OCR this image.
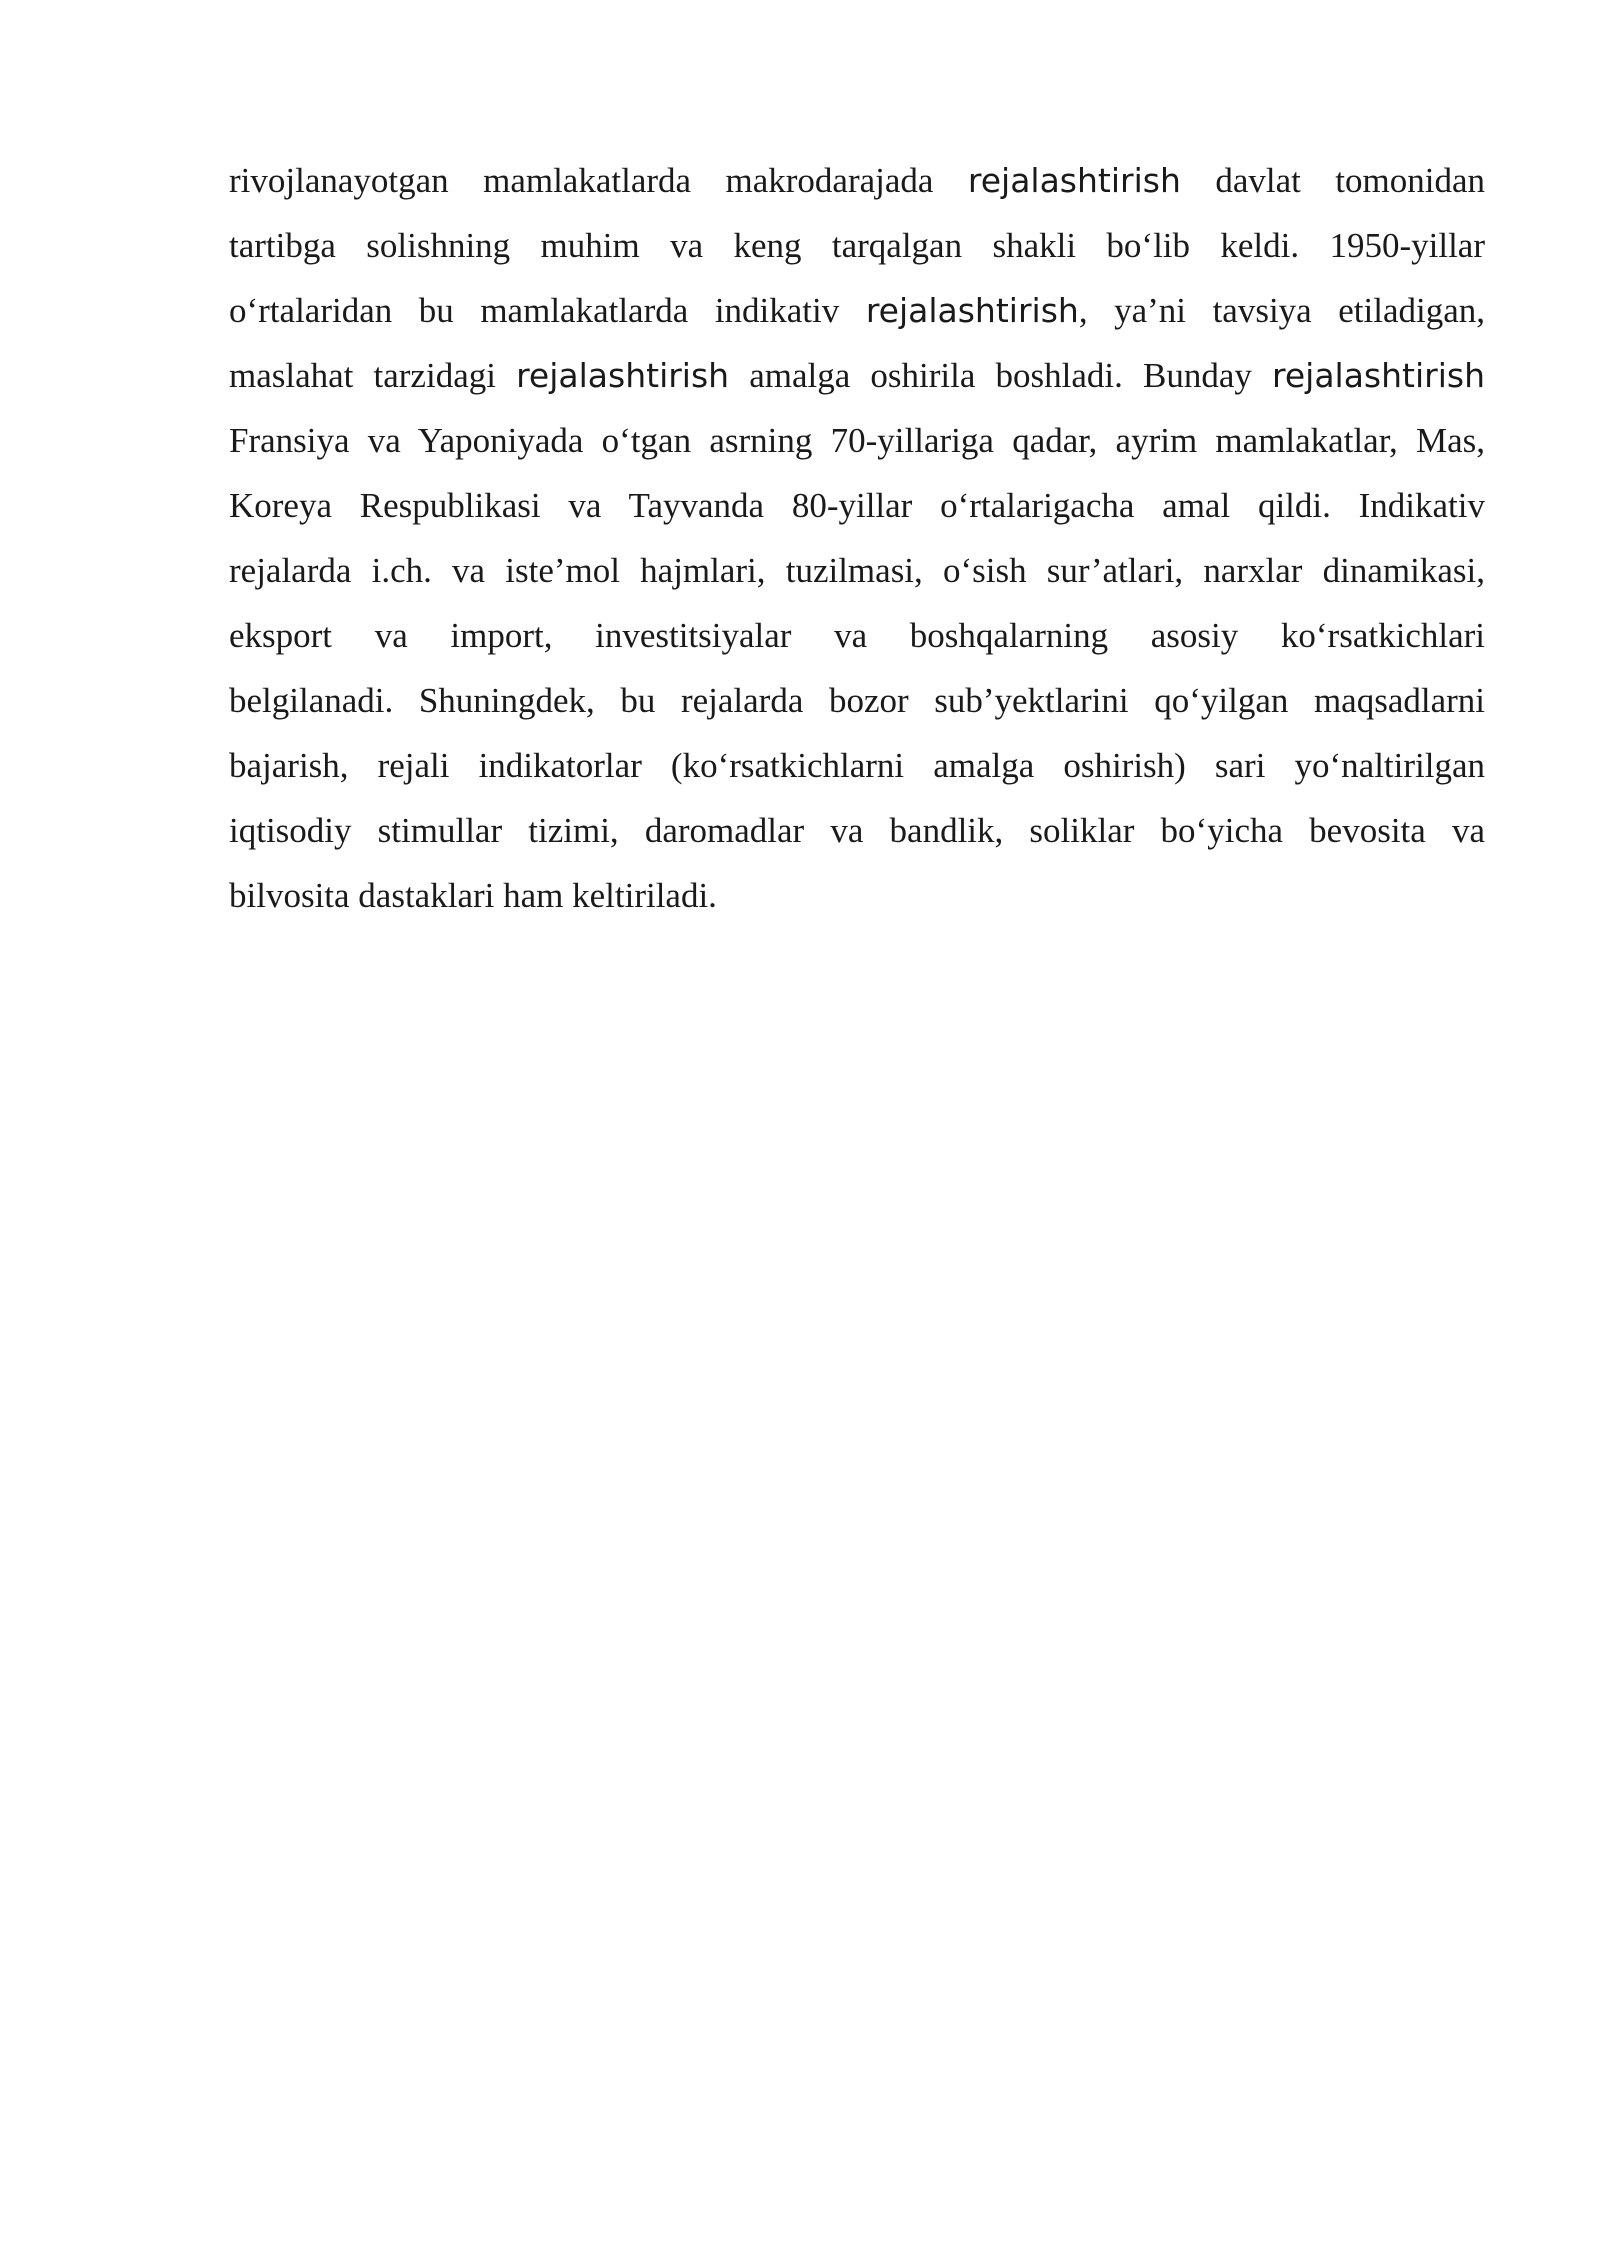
rivojlanayotgan mamlakatlarda makrodarajada rejalashtirish davlat tomonidan
tartibga solishning muhim va keng tarqalgan shakli bo‘lib keldi. 1950-yillar
o‘rtalaridan bu mamlakatlarda indikativ rejalashtirish, ya’ni tavsiya etiladigan,
maslahat tarzidagi rejalashtirish amalga oshirila boshladi. Bunday rejalashtirish
Fransiya va Yaponiyada o‘tgan asrning 70-yillariga qadar, ayrim mamlakatlar, Mas,
Koreya Respublikasi va Tayvanda 80-yillar o‘rtalarigacha amal qildi. Indikativ
rejalarda i.ch. va iste’mol hajmlari, tuzilmasi, o‘sish sur’atlari, narxlar dinamikasi,
eksport va import, investitsiyalar va boshqalarning asosiy ko‘rsatkichlari
belgilanadi. Shuningdek, bu rejalarda bozor sub’yektlarini qo‘yilgan maqsadlarni
bajarish, rejali indikatorlar (ko‘rsatkichlarni amalga oshirish) sari yo‘naltirilgan
iqtisodiy stimullar tizimi, daromadlar va bandlik, soliklar bo‘yicha bevosita va
bilvosita dastaklari ham keltiriladi.
